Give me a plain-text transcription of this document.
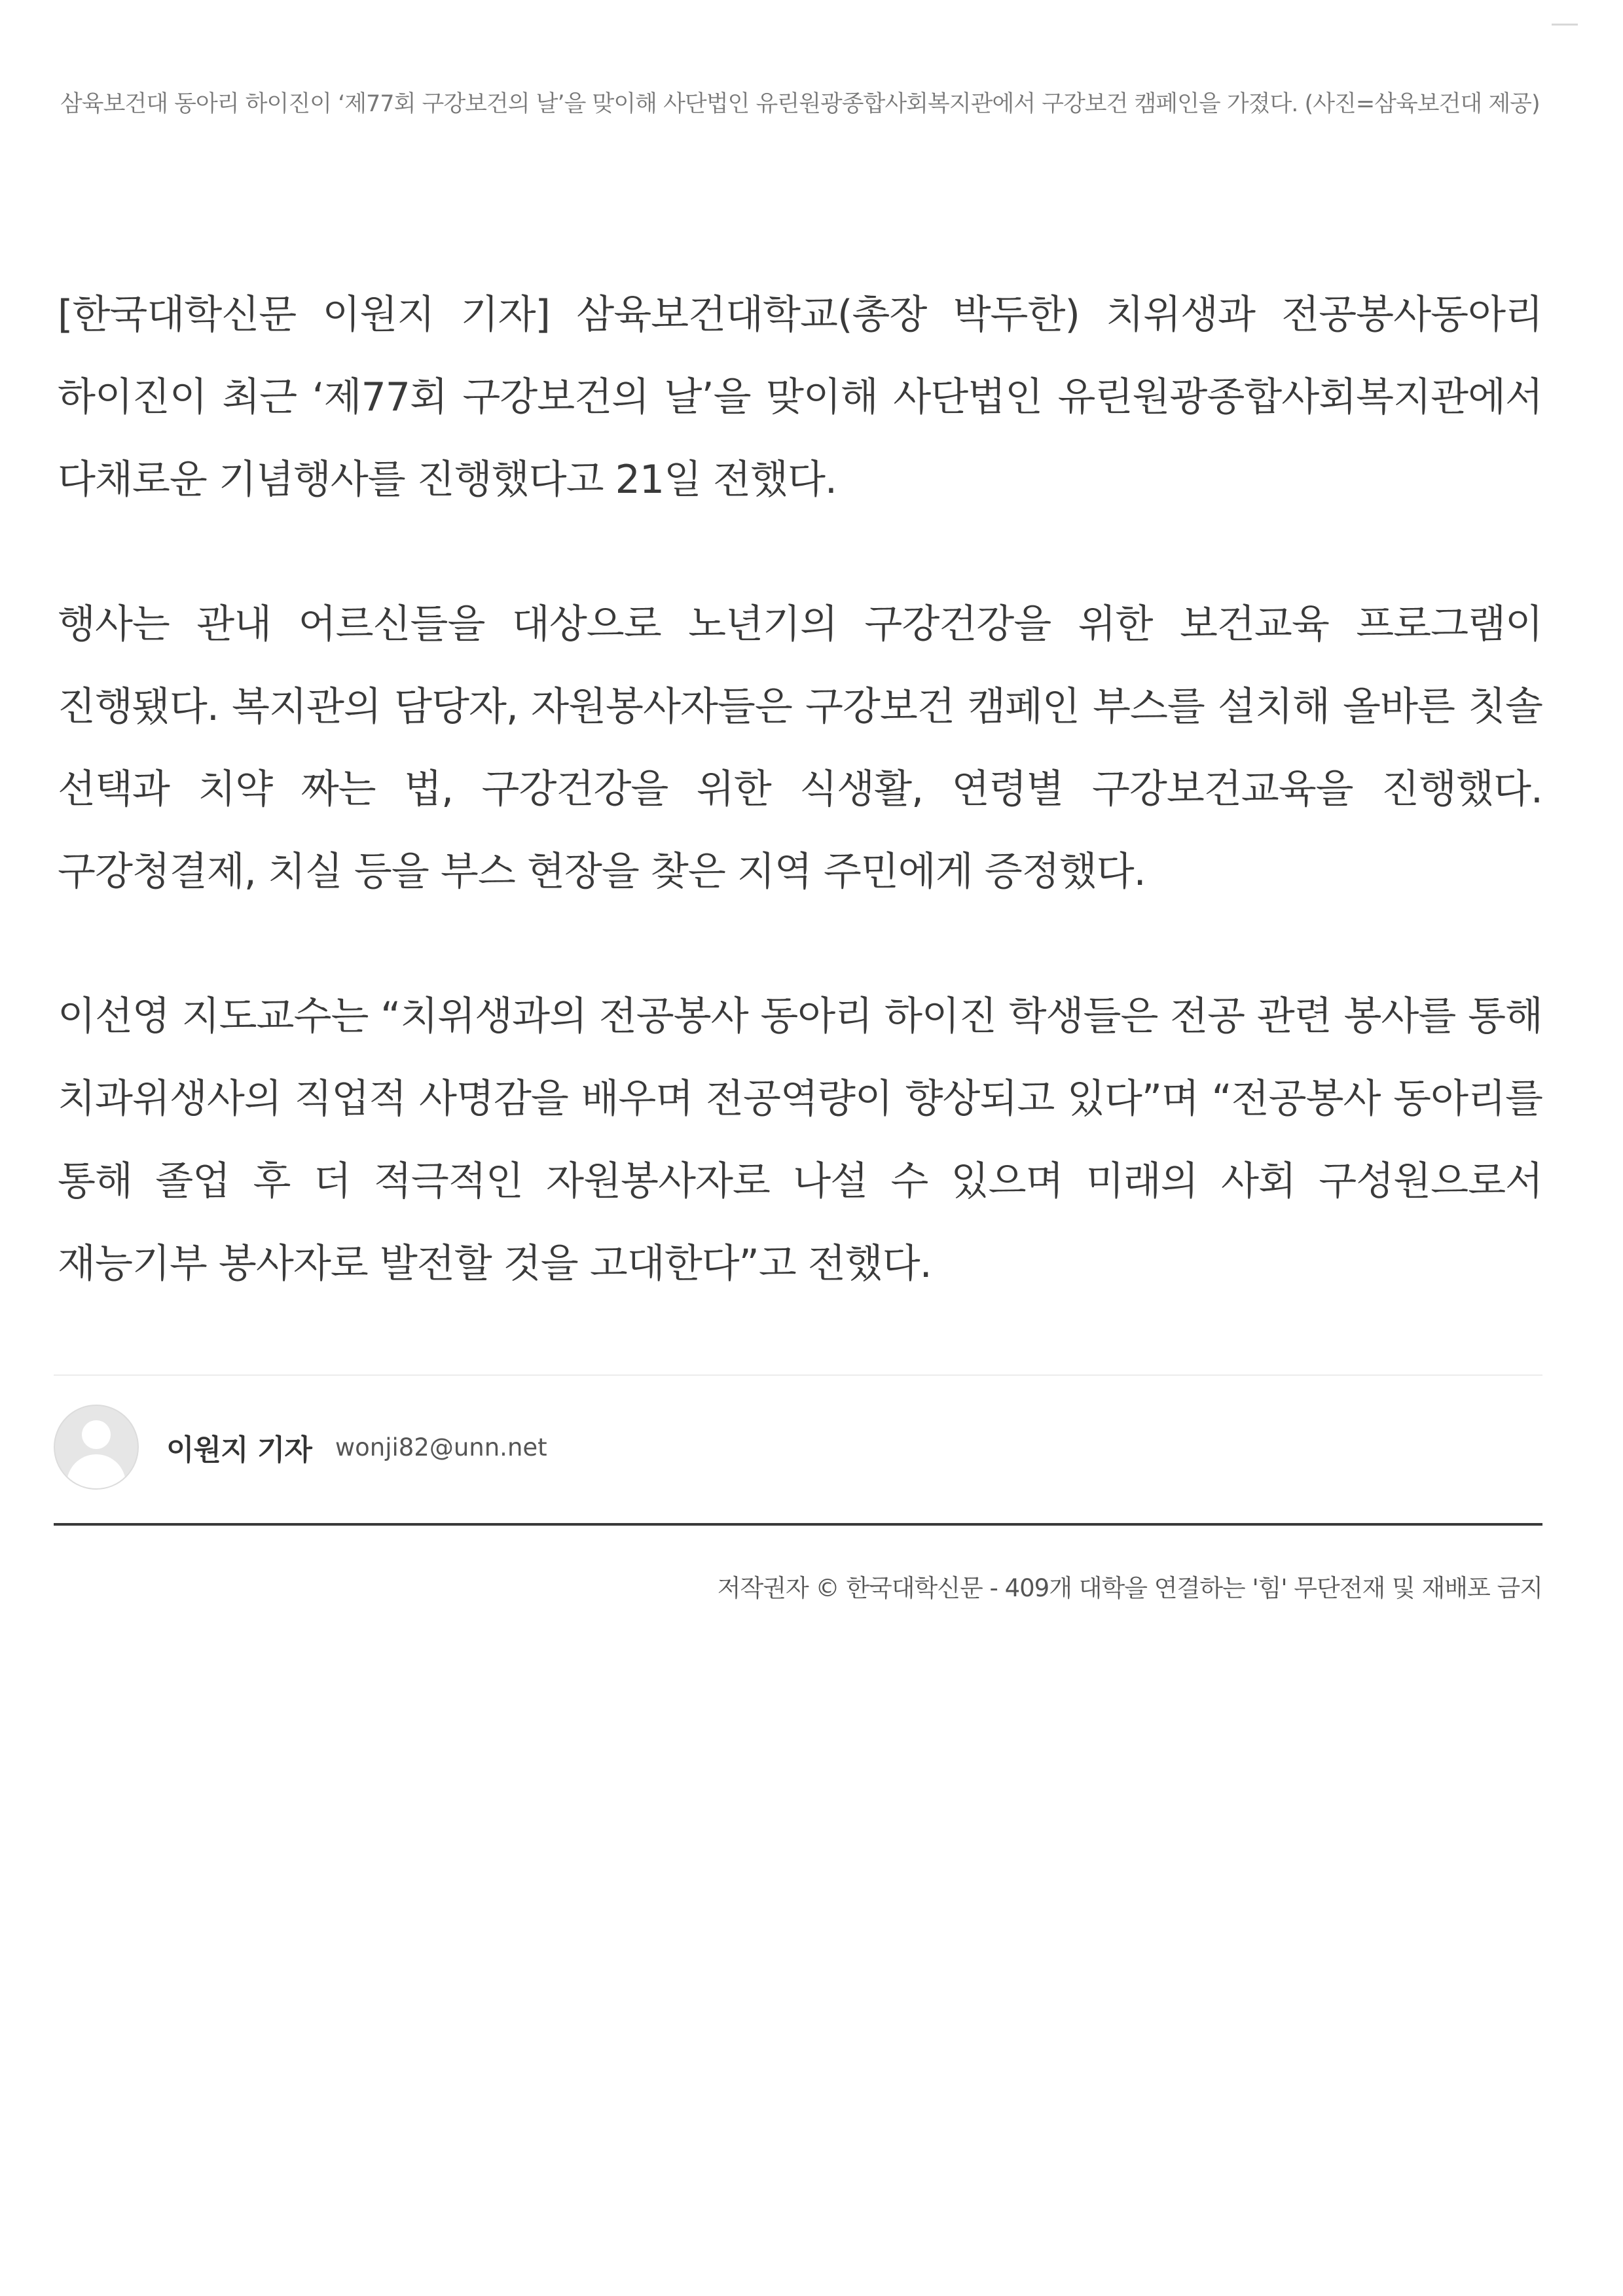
삼육보건대 동아리 하이진이 ‘제77회 구강보건의 날’을 맞이해 사단법인 유린원광종합사회복지관에서 구강보건 캠페인을 가졌다. (사진=삼육보건대 제공)

[한국대학신문 이원지 기자] 삼육보건대학교(총장 박두한) 치위생과 전공봉사동아리 하이진이 최근 ‘제77회 구강보건의 날’을 맞이해 사단법인 유린원광종합사회복지관에서 다채로운 기념행사를 진행했다고 21일 전했다.

행사는 관내 어르신들을 대상으로 노년기의 구강건강을 위한 보건교육 프로그램이 진행됐다. 복지관의 담당자, 자원봉사자들은 구강보건 캠페인 부스를 설치해 올바른 칫솔 선택과 치약 짜는 법, 구강건강을 위한 식생활, 연령별 구강보건교육을 진행했다. 구강청결제, 치실 등을 부스 현장을 찾은 지역 주민에게 증정했다.

이선영 지도교수는 “치위생과의 전공봉사 동아리 하이진 학생들은 전공 관련 봉사를 통해 치과위생사의 직업적 사명감을 배우며 전공역량이 향상되고 있다”며 “전공봉사 동아리를 통해 졸업 후 더 적극적인 자원봉사자로 나설 수 있으며 미래의 사회 구성원으로서 재능기부 봉사자로 발전할 것을 고대한다”고 전했다.

이원지 기자 wonji82@unn.net
저작권자 © 한국대학신문 - 409개 대학을 연결하는 '힘' 무단전재 및 재배포 금지
